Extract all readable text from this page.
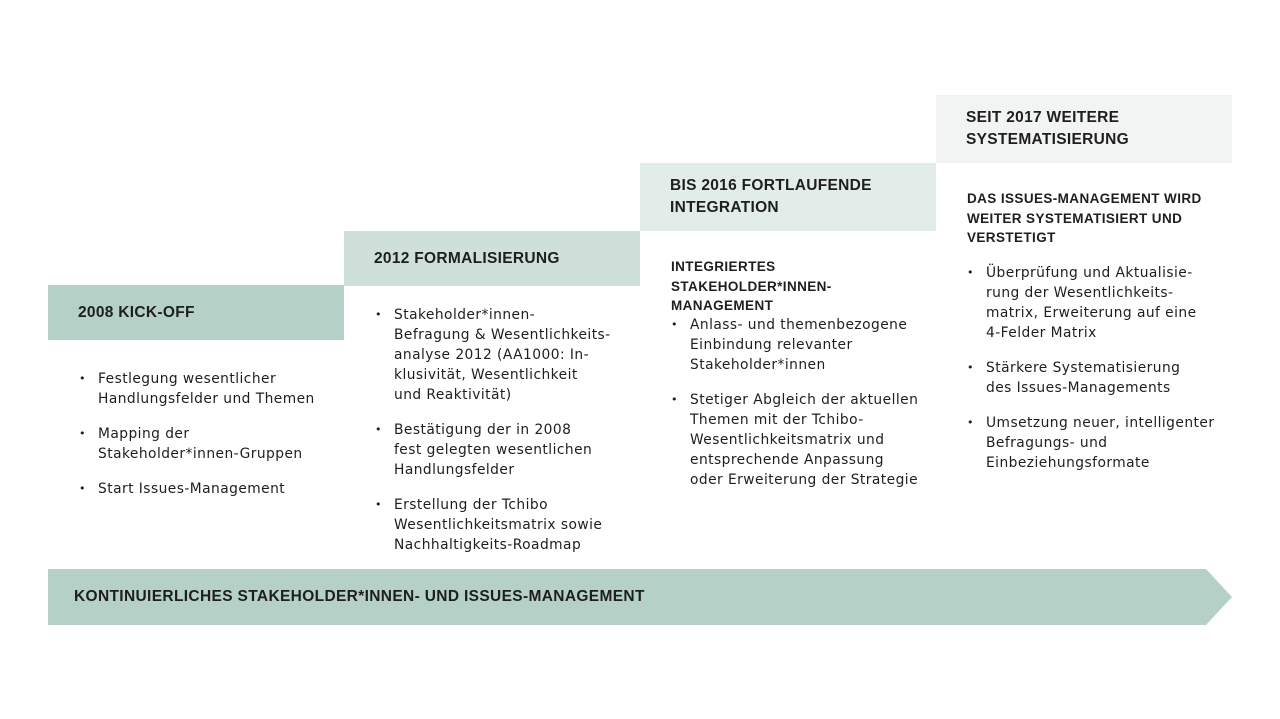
2008 KICK-OFF
• Festlegung wesentlicher
Handlungsfelder und Themen
• Mapping der
Stakeholder*innen-Gruppen
• Start Issues-Management
2012 FORMALISIERUNG
• Stakeholder*innen-
Befragung & Wesentlichkeits-
analyse 2012 (AA1000: In-
klusivität, Wesentlichkeit
und Reaktivität)
• Bestätigung der in 2008
fest gelegten wesentlichen
Handlungsfelder
• Erstellung der Tchibo
Wesentlichkeitsmatrix sowie
Nachhaltigkeits-Roadmap
BIS 2016 FORTLAUFENDE
INTEGRATION
INTEGRIERTES STAKEHOLDER*INNEN-
MANAGEMENT
• Anlass- und themenbezogene
Einbindung relevanter
Stakeholder*innen
• Stetiger Abgleich der aktuellen
Themen mit der Tchibo-
Wesentlichkeitsmatrix und
entsprechende Anpassung
oder Erweiterung der Strategie
SEIT 2017 WEITERE
SYSTEMATISIERUNG
DAS ISSUES-MANAGEMENT WIRD
WEITER SYSTEMATISIERT UND
VERSTETIGT
• Überprüfung und Aktualisie-
rung der Wesentlichkeits-
matrix, Erweiterung auf eine
4-Felder Matrix
• Stärkere Systematisierung
des Issues-Managements
• Umsetzung neuer, intelligenter
Befragungs- und
Einbeziehungsformate
KONTINUIERLICHES STAKEHOLDER*INNEN- UND ISSUES-MANAGEMENT
